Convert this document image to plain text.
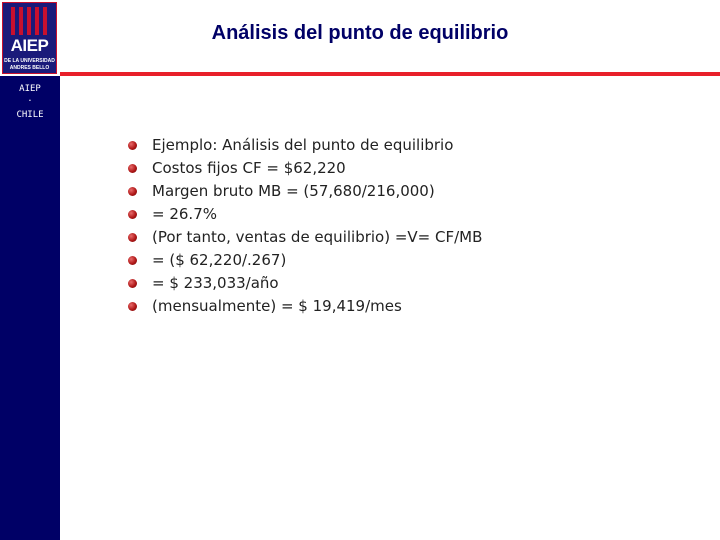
AIEP
.
CHILE
AIEP
DE LA UNIVERSIDAD
ANDRES BELLO
Análisis del punto de equilibrio
Ejemplo: Análisis del punto de equilibrio
Costos fijos CF = $62,220
Margen bruto MB = (57,680/216,000)
= 26.7%
(Por tanto, ventas de equilibrio) =V= CF/MB
= ($ 62,220/.267)
= $ 233,033/año
(mensualmente) = $ 19,419/mes
